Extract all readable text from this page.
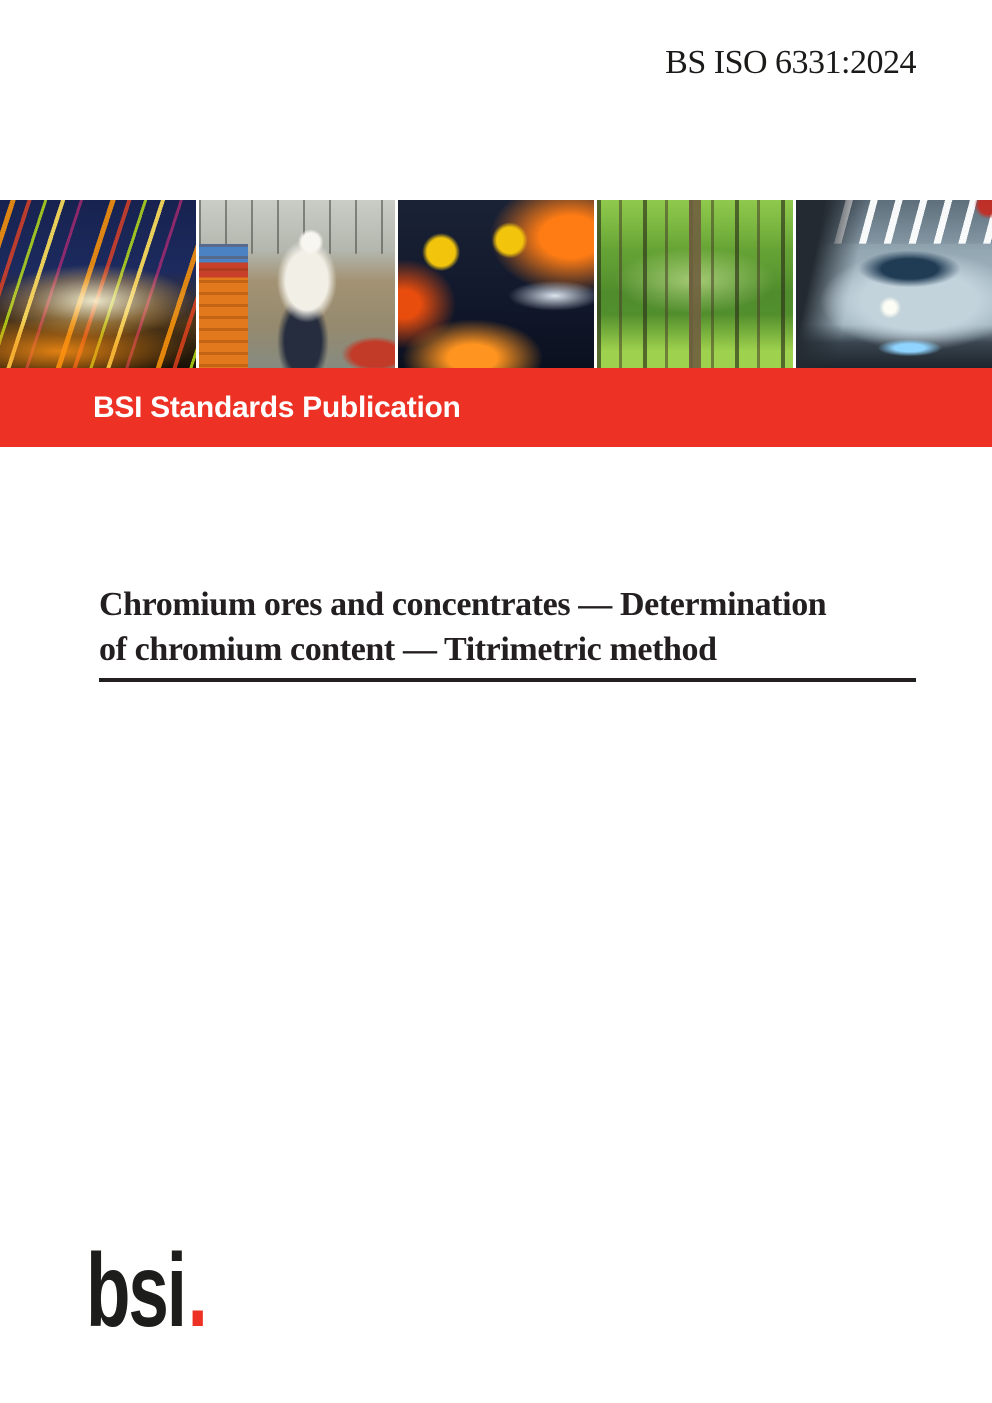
BS ISO 6331:2024
BSI Standards Publication
Chromium ores and concentrates — Determination
of chromium content — Titrimetric method
bsi.
